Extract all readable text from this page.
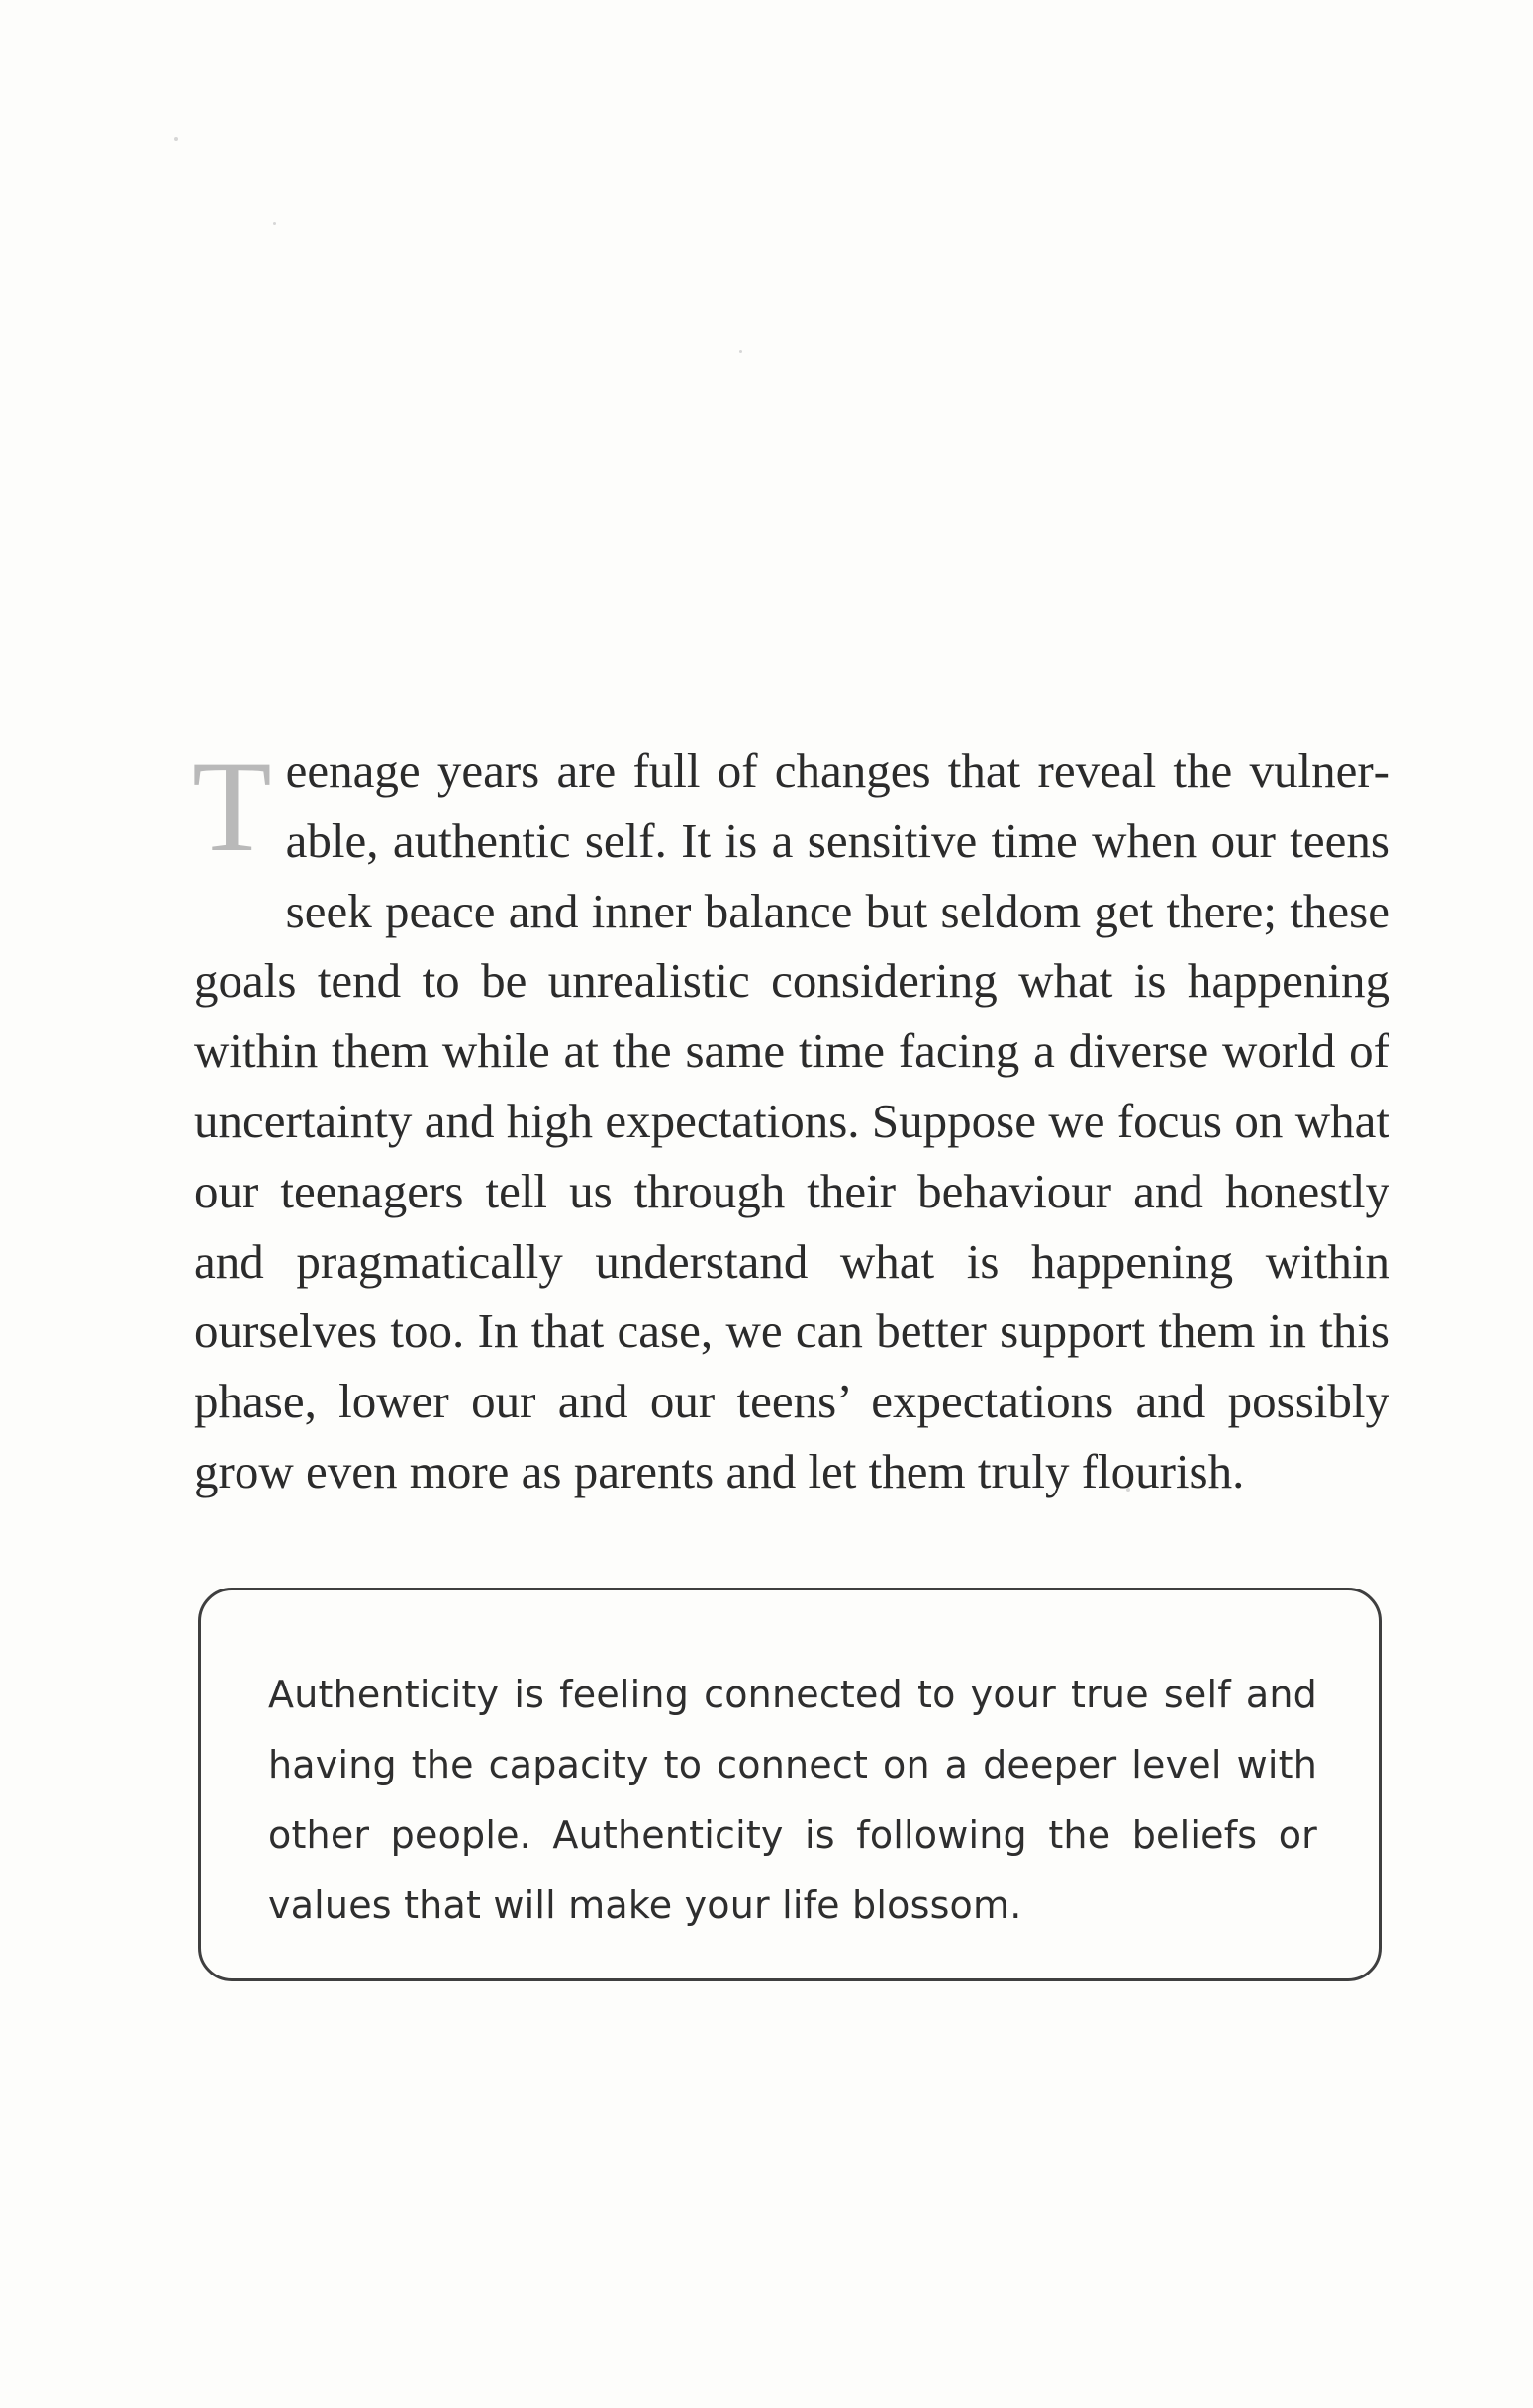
Teenage years are full of changes that reveal the vulnerable, authentic self. It is a sensitive time when our teens seek peace and inner balance but seldom get there; these goals tend to be unrealistic considering what is happening within them while at the same time facing a diverse world of uncertainty and high expectations. Suppose we focus on what our teenagers tell us through their behaviour and honestly and pragmatically understand what is happening within ourselves too. In that case, we can better support them in this phase, lower our and our teens’ expectations and possibly grow even more as parents and let them truly flourish.

Authenticity is feeling connected to your true self and having the capacity to connect on a deeper level with other people. Authenticity is following the beliefs or values that will make your life blossom.
